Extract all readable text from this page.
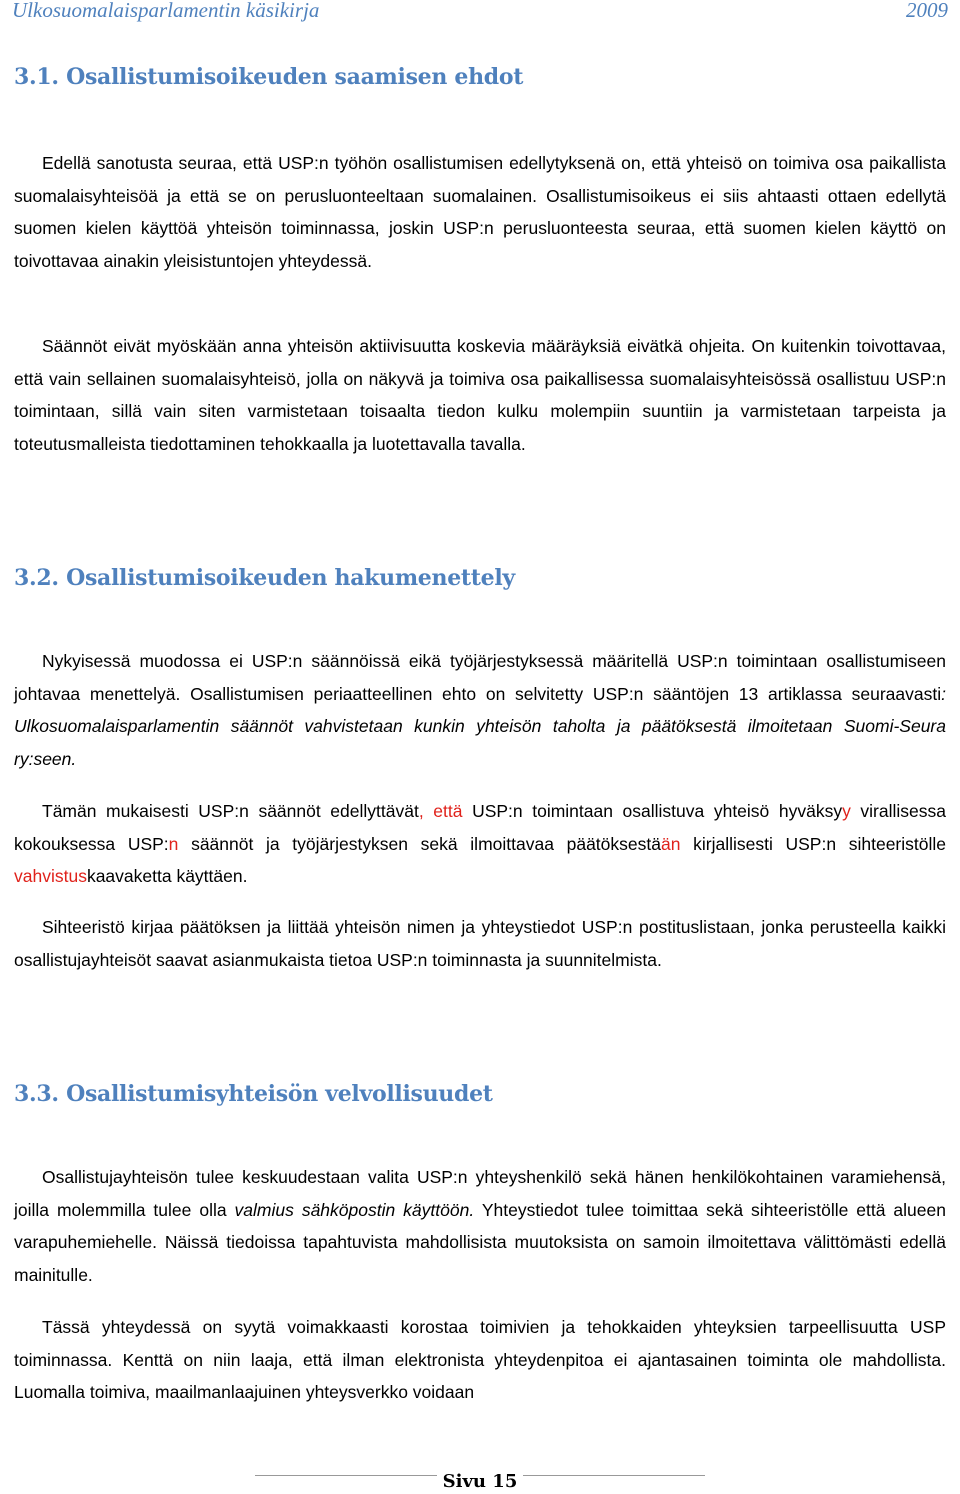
Ulkosuomalaisparlamentin käsikirja	2009
3.1. Osallistumisoikeuden saamisen ehdot

Edellä sanotusta seuraa, että USP:n työhön osallistumisen edellytyksenä on, että yhteisö on toimiva osa paikallista suomalaisyhteisöä ja että se on perusluonteeltaan suomalainen. Osallistumisoikeus ei siis ahtaasti ottaen edellytä suomen kielen käyttöä yhteisön toiminnassa, joskin USP:n perusluonteesta seuraa, että suomen kielen käyttö on toivottavaa ainakin yleisistuntojen yhteydessä.

Säännöt eivät myöskään anna yhteisön aktiivisuutta koskevia määräyksiä eivätkä ohjeita. On kuitenkin toivottavaa, että vain sellainen suomalaisyhteisö, jolla on näkyvä ja toimiva osa paikallisessa suomalaisyhteisössä osallistuu USP:n toimintaan, sillä vain siten varmistetaan toisaalta tiedon kulku molempiin suuntiin ja varmistetaan tarpeista ja toteutusmalleista tiedottaminen tehokkaalla ja luotettavalla tavalla.

3.2. Osallistumisoikeuden hakumenettely

Nykyisessä muodossa ei USP:n säännöissä eikä työjärjestyksessä määritellä USP:n toimintaan osallistumiseen johtavaa menettelyä. Osallistumisen periaatteellinen ehto on selvitetty USP:n sääntöjen 13 artiklassa seuraavasti: Ulkosuomalaisparlamentin säännöt vahvistetaan kunkin yhteisön taholta ja päätöksestä ilmoitetaan Suomi-Seura ry:seen.

Tämän mukaisesti USP:n säännöt edellyttävät, että USP:n toimintaan osallistuva yhteisö hyväksyy virallisessa kokouksessa USP:n säännöt ja työjärjestyksen sekä ilmoittavaa päätöksestään kirjallisesti USP:n sihteeristölle vahvistuskaavaketta käyttäen.

Sihteeristö kirjaa päätöksen ja liittää yhteisön nimen ja yhteystiedot USP:n postituslistaan, jonka perusteella kaikki osallistujayhteisöt saavat asianmukaista tietoa USP:n toiminnasta ja suunnitelmista.

3.3. Osallistumisyhteisön velvollisuudet

Osallistujayhteisön tulee keskuudestaan valita USP:n yhteyshenkilö sekä hänen henkilökohtainen varamiehensä, joilla molemmilla tulee olla valmius sähköpostin käyttöön. Yhteystiedot tulee toimittaa sekä sihteeristölle että alueen varapuhemiehelle. Näissä tiedoissa tapahtuvista mahdollisista muutoksista on samoin ilmoitettava välittömästi edellä mainitulle.

Tässä yhteydessä on syytä voimakkaasti korostaa toimivien ja tehokkaiden yhteyksien tarpeellisuutta USP toiminnassa. Kenttä on niin laaja, että ilman elektronista yhteydenpitoa ei ajantasainen toiminta ole mahdollista. Luomalla toimiva, maailmanlaajuinen yhteysverkko voidaan

Sivu 15
